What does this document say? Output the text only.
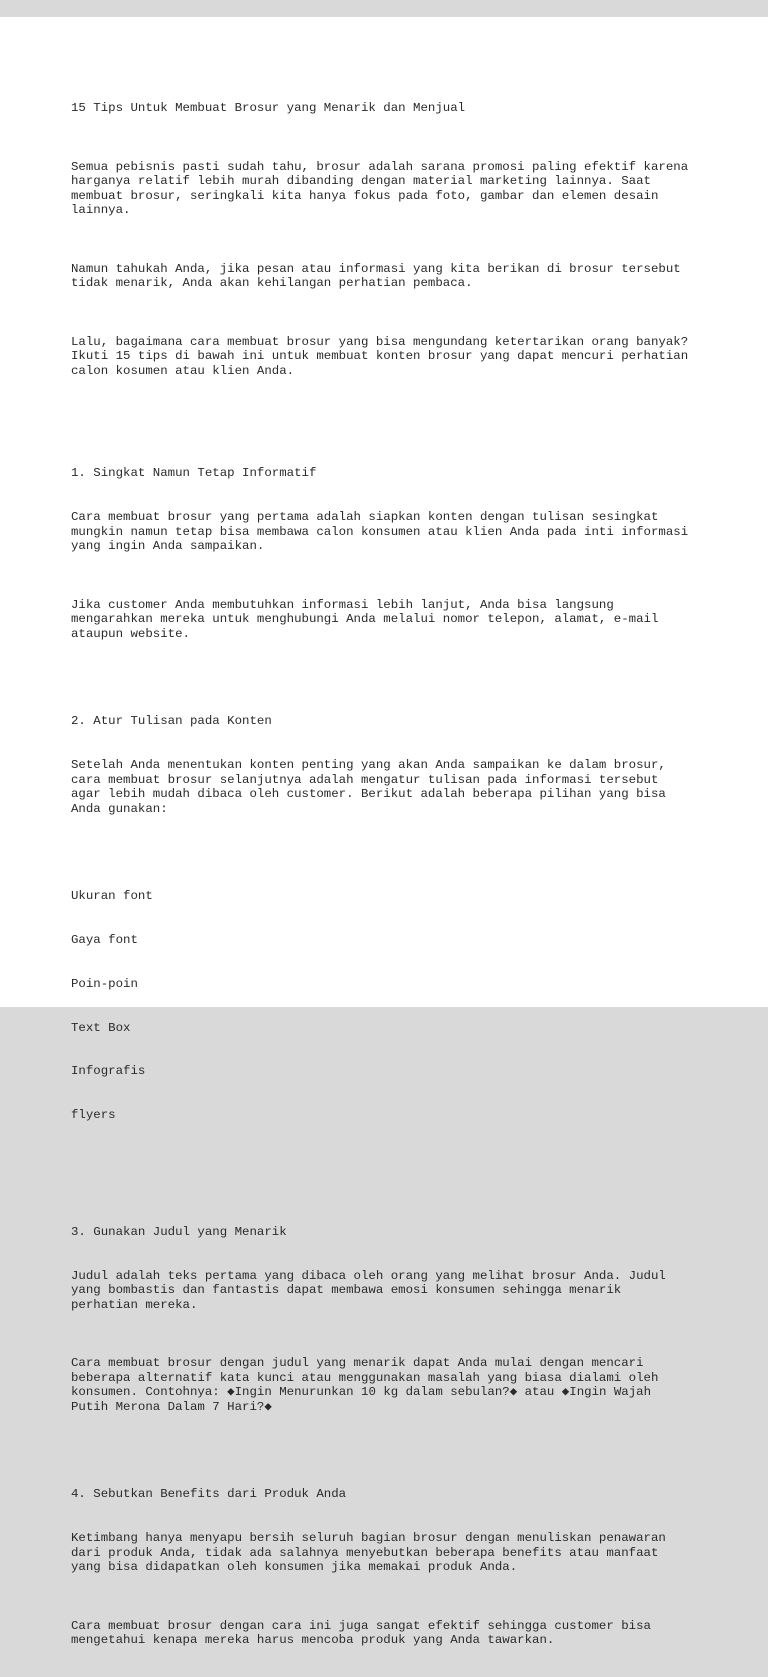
15 Tips Untuk Membuat Brosur yang Menarik dan Menjual

Semua pebisnis pasti sudah tahu, brosur adalah sarana promosi paling efektif karena
harganya relatif lebih murah dibanding dengan material marketing lainnya. Saat
membuat brosur, seringkali kita hanya fokus pada foto, gambar dan elemen desain
lainnya.

Namun tahukah Anda, jika pesan atau informasi yang kita berikan di brosur tersebut
tidak menarik, Anda akan kehilangan perhatian pembaca.

Lalu, bagaimana cara membuat brosur yang bisa mengundang ketertarikan orang banyak?
Ikuti 15 tips di bawah ini untuk membuat konten brosur yang dapat mencuri perhatian
calon kosumen atau klien Anda.

1. Singkat Namun Tetap Informatif

Cara membuat brosur yang pertama adalah siapkan konten dengan tulisan sesingkat
mungkin namun tetap bisa membawa calon konsumen atau klien Anda pada inti informasi
yang ingin Anda sampaikan.

Jika customer Anda membutuhkan informasi lebih lanjut, Anda bisa langsung
mengarahkan mereka untuk menghubungi Anda melalui nomor telepon, alamat, e-mail
ataupun website.

2. Atur Tulisan pada Konten

Setelah Anda menentukan konten penting yang akan Anda sampaikan ke dalam brosur,
cara membuat brosur selanjutnya adalah mengatur tulisan pada informasi tersebut
agar lebih mudah dibaca oleh customer. Berikut adalah beberapa pilihan yang bisa
Anda gunakan:

Ukuran font

Gaya font

Poin-poin

Text Box

Infografis

flyers

3. Gunakan Judul yang Menarik

Judul adalah teks pertama yang dibaca oleh orang yang melihat brosur Anda. Judul
yang bombastis dan fantastis dapat membawa emosi konsumen sehingga menarik
perhatian mereka.

Cara membuat brosur dengan judul yang menarik dapat Anda mulai dengan mencari
beberapa alternatif kata kunci atau menggunakan masalah yang biasa dialami oleh
konsumen. Contohnya: ◆Ingin Menurunkan 10 kg dalam sebulan?◆ atau ◆Ingin Wajah
Putih Merona Dalam 7 Hari?◆

4. Sebutkan Benefits dari Produk Anda

Ketimbang hanya menyapu bersih seluruh bagian brosur dengan menuliskan penawaran
dari produk Anda, tidak ada salahnya menyebutkan beberapa benefits atau manfaat
yang bisa didapatkan oleh konsumen jika memakai produk Anda.

Cara membuat brosur dengan cara ini juga sangat efektif sehingga customer bisa
mengetahui kenapa mereka harus mencoba produk yang Anda tawarkan.
